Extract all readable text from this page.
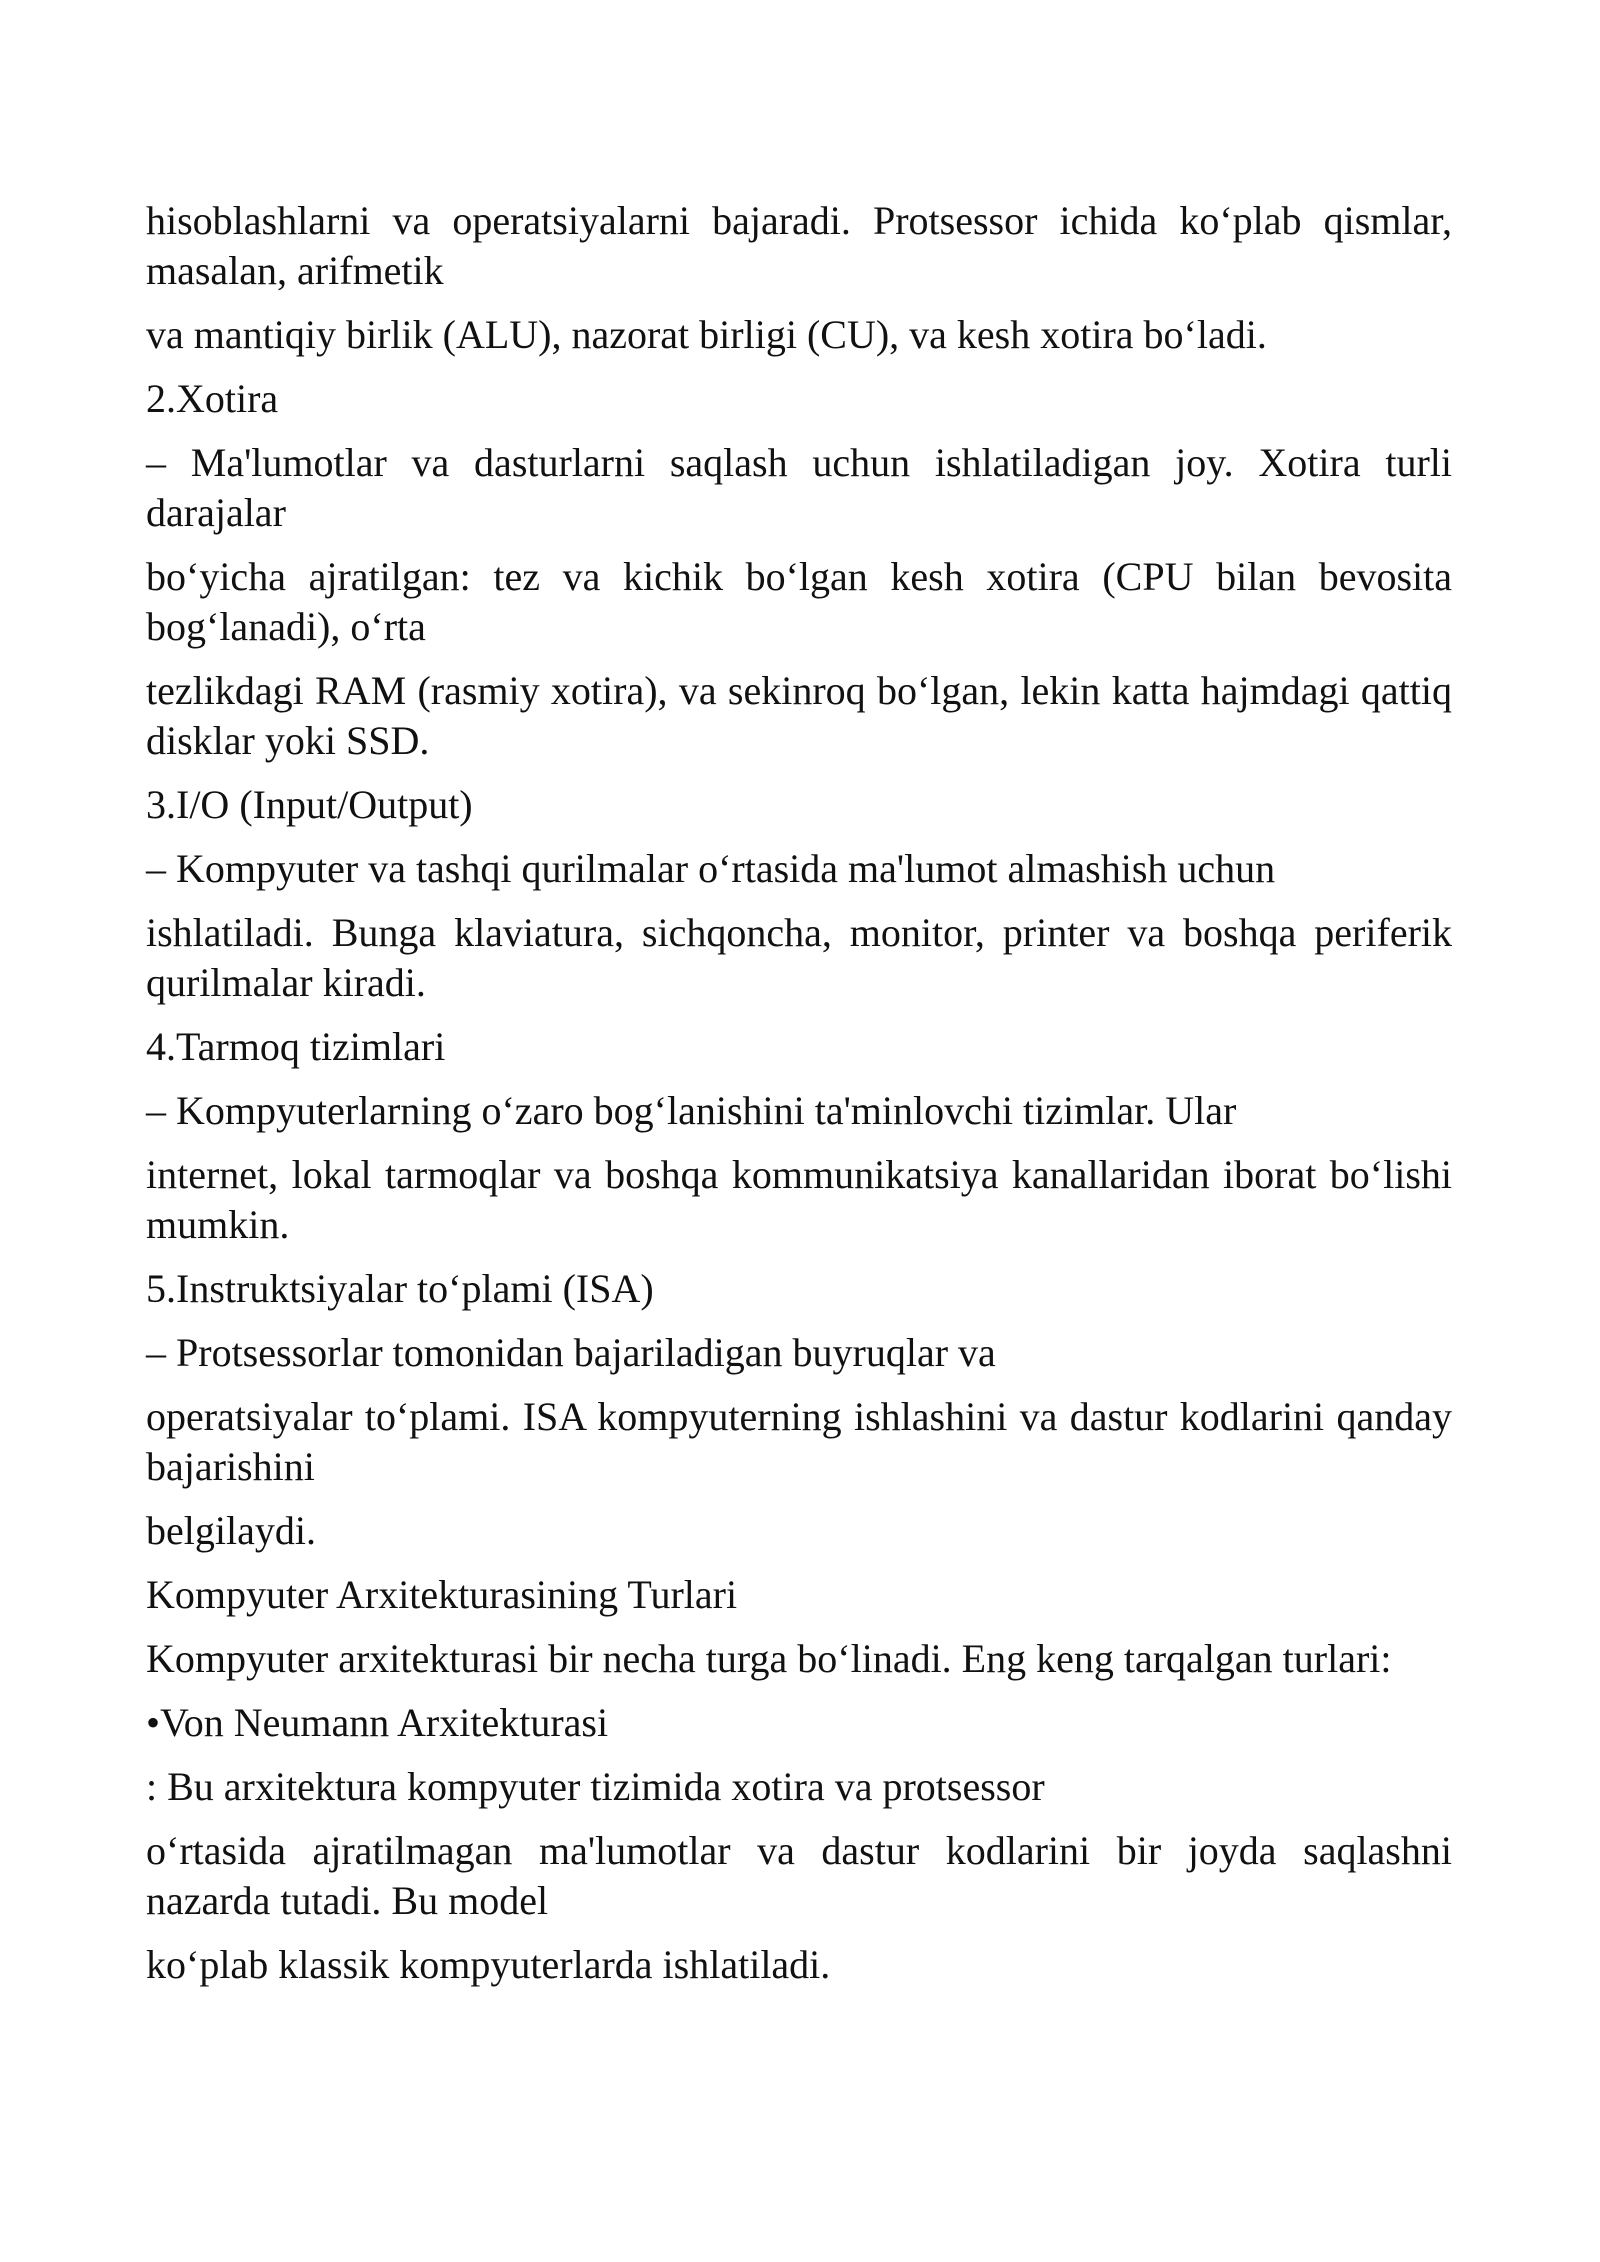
hisoblashlarni va operatsiyalarni bajaradi. Protsessor ichida ko‘plab qismlar, masalan, arifmetik

va mantiqiy birlik (ALU), nazorat birligi (CU), va kesh xotira bo‘ladi.

2.Xotira

– Ma'lumotlar va dasturlarni saqlash uchun ishlatiladigan joy. Xotira turli darajalar

bo‘yicha ajratilgan: tez va kichik bo‘lgan kesh xotira (CPU bilan bevosita bog‘lanadi), o‘rta

tezlikdagi RAM (rasmiy xotira), va sekinroq bo‘lgan, lekin katta hajmdagi qattiq disklar yoki SSD.

3.I/O (Input/Output)

– Kompyuter va tashqi qurilmalar o‘rtasida ma'lumot almashish uchun

ishlatiladi. Bunga klaviatura, sichqoncha, monitor, printer va boshqa periferik qurilmalar kiradi.

4.Tarmoq tizimlari

– Kompyuterlarning o‘zaro bog‘lanishini ta'minlovchi tizimlar. Ular

internet, lokal tarmoqlar va boshqa kommunikatsiya kanallaridan iborat bo‘lishi mumkin.

5.Instruktsiyalar to‘plami (ISA)

– Protsessorlar tomonidan bajariladigan buyruqlar va

operatsiyalar to‘plami. ISA kompyuterning ishlashini va dastur kodlarini qanday bajarishini

belgilaydi.

Kompyuter Arxitekturasining Turlari

Kompyuter arxitekturasi bir necha turga bo‘linadi. Eng keng tarqalgan turlari:

•Von Neumann Arxitekturasi

: Bu arxitektura kompyuter tizimida xotira va protsessor

o‘rtasida ajratilmagan ma'lumotlar va dastur kodlarini bir joyda saqlashni nazarda tutadi. Bu model

ko‘plab klassik kompyuterlarda ishlatiladi.
